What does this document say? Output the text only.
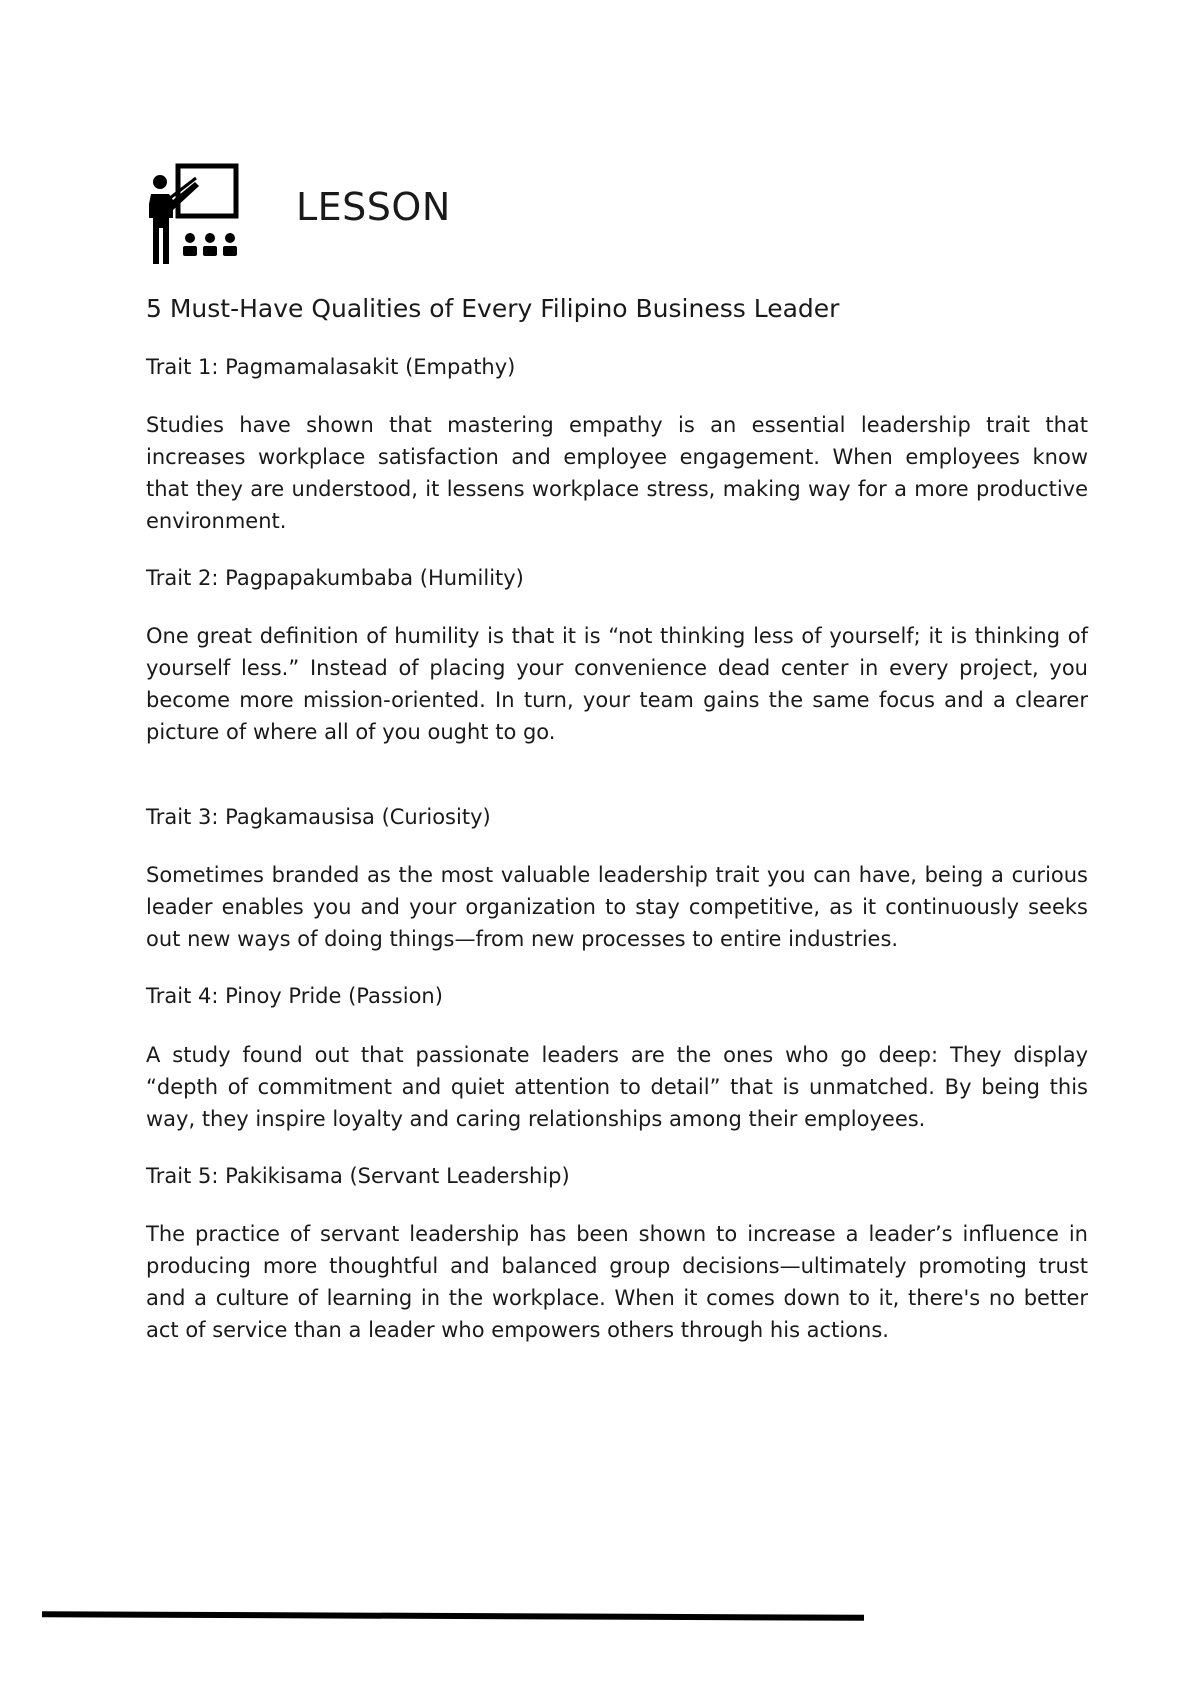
LESSON
5 Must-Have Qualities of Every Filipino Business Leader

Trait 1: Pagmamalasakit (Empathy)

Studies have shown that mastering empathy is an essential leadership trait that increases workplace satisfaction and employee engagement. When employees know that they are understood, it lessens workplace stress, making way for a more productive environment.

Trait 2: Pagpapakumbaba (Humility)

One great definition of humility is that it is “not thinking less of yourself; it is thinking of yourself less.” Instead of placing your convenience dead center in every project, you become more mission-oriented. In turn, your team gains the same focus and a clearer picture of where all of you ought to go.

Trait 3: Pagkamausisa (Curiosity)

Sometimes branded as the most valuable leadership trait you can have, being a curious leader enables you and your organization to stay competitive, as it continuously seeks out new ways of doing things—from new processes to entire industries.

Trait 4: Pinoy Pride (Passion)

A study found out that passionate leaders are the ones who go deep: They display “depth of commitment and quiet attention to detail” that is unmatched. By being this way, they inspire loyalty and caring relationships among their employees.

Trait 5: Pakikisama (Servant Leadership)

The practice of servant leadership has been shown to increase a leader’s influence in producing more thoughtful and balanced group decisions—ultimately promoting trust and a culture of learning in the workplace. When it comes down to it, there's no better act of service than a leader who empowers others through his actions.
